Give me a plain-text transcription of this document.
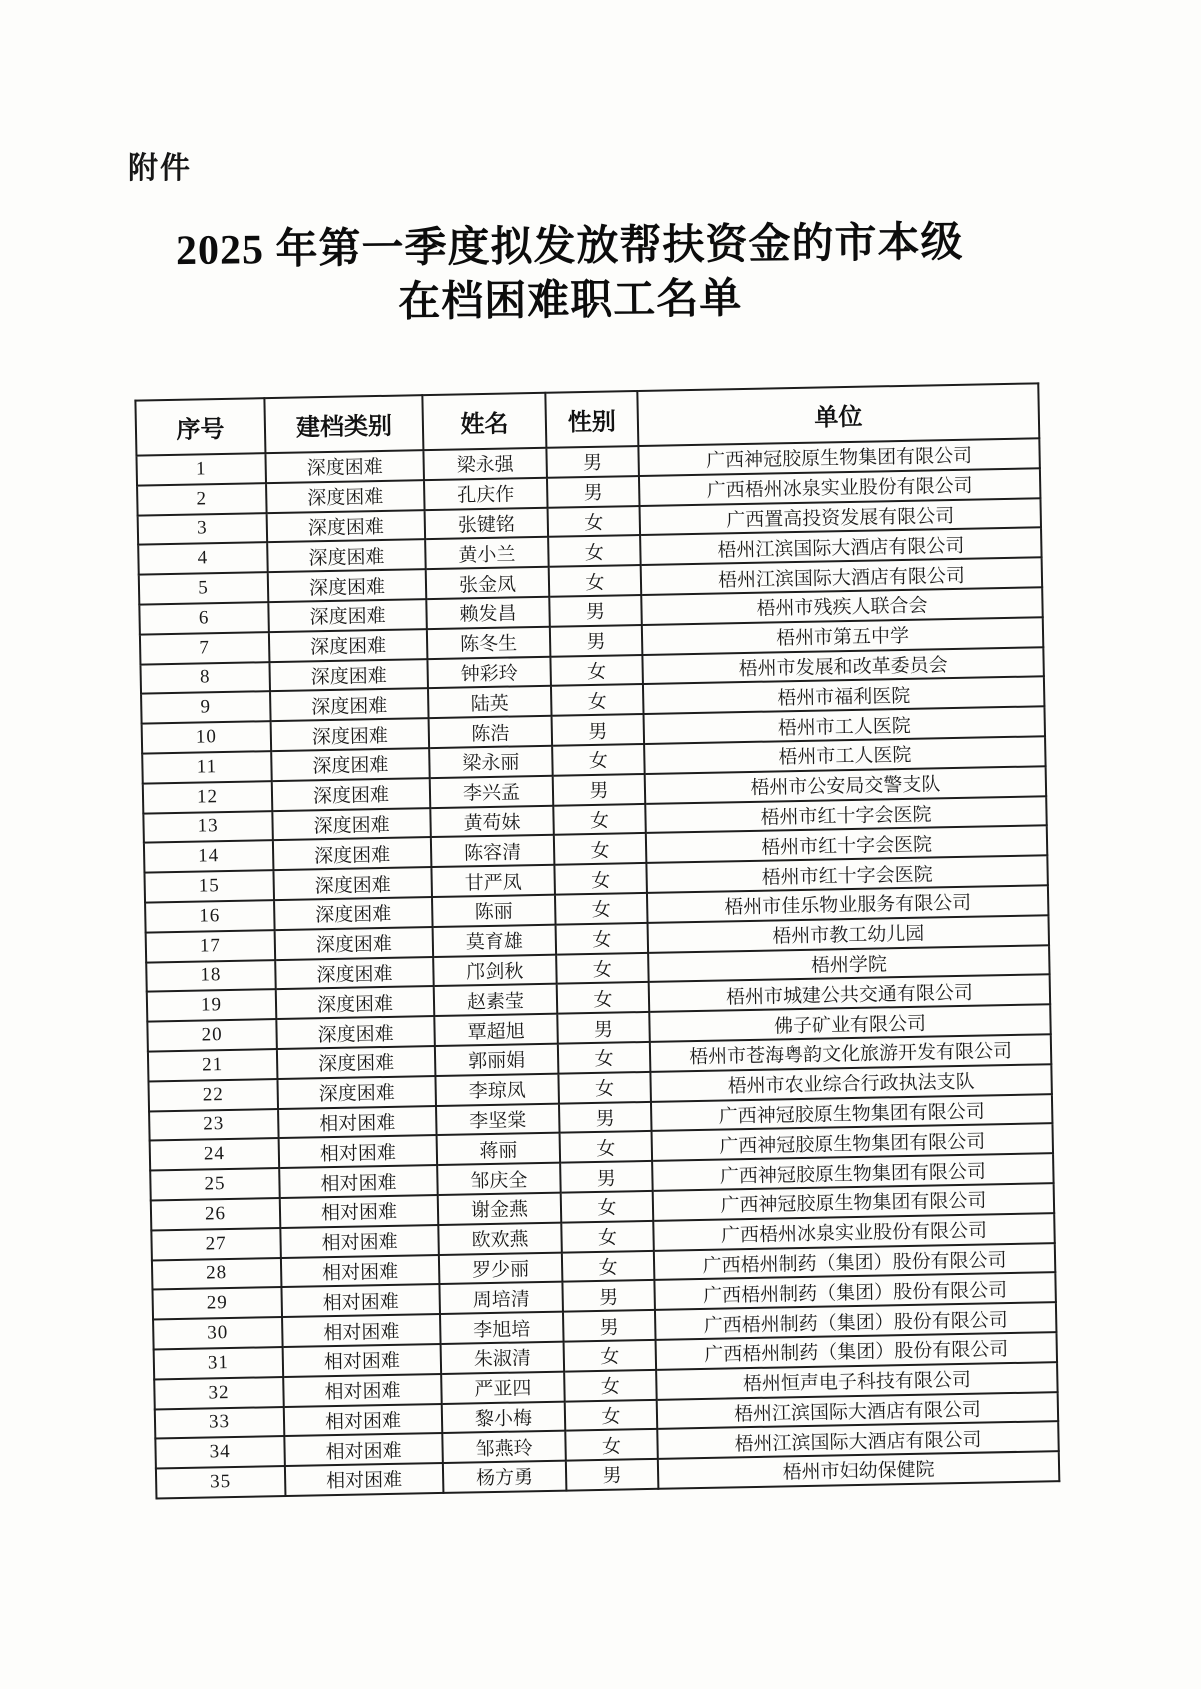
附件
2025 年第一季度拟发放帮扶资金的市本级
在档困难职工名单
序号	建档类别	姓名	性别	单位
1	深度困难	梁永强	男	广西神冠胶原生物集团有限公司
2	深度困难	孔庆作	男	广西梧州冰泉实业股份有限公司
3	深度困难	张键铭	女	广西置高投资发展有限公司
4	深度困难	黄小兰	女	梧州江滨国际大酒店有限公司
5	深度困难	张金凤	女	梧州江滨国际大酒店有限公司
6	深度困难	赖发昌	男	梧州市残疾人联合会
7	深度困难	陈冬生	男	梧州市第五中学
8	深度困难	钟彩玲	女	梧州市发展和改革委员会
9	深度困难	陆英	女	梧州市福利医院
10	深度困难	陈浩	男	梧州市工人医院
11	深度困难	梁永丽	女	梧州市工人医院
12	深度困难	李兴孟	男	梧州市公安局交警支队
13	深度困难	黄苟妹	女	梧州市红十字会医院
14	深度困难	陈容清	女	梧州市红十字会医院
15	深度困难	甘严凤	女	梧州市红十字会医院
16	深度困难	陈丽	女	梧州市佳乐物业服务有限公司
17	深度困难	莫育雄	女	梧州市教工幼儿园
18	深度困难	邝剑秋	女	梧州学院
19	深度困难	赵素莹	女	梧州市城建公共交通有限公司
20	深度困难	覃超旭	男	佛子矿业有限公司
21	深度困难	郭丽娟	女	梧州市苍海粤韵文化旅游开发有限公司
22	深度困难	李琼凤	女	梧州市农业综合行政执法支队
23	相对困难	李坚棠	男	广西神冠胶原生物集团有限公司
24	相对困难	蒋丽	女	广西神冠胶原生物集团有限公司
25	相对困难	邹庆全	男	广西神冠胶原生物集团有限公司
26	相对困难	谢金燕	女	广西神冠胶原生物集团有限公司
27	相对困难	欧欢燕	女	广西梧州冰泉实业股份有限公司
28	相对困难	罗少丽	女	广西梧州制药（集团）股份有限公司
29	相对困难	周培清	男	广西梧州制药（集团）股份有限公司
30	相对困难	李旭培	男	广西梧州制药（集团）股份有限公司
31	相对困难	朱淑清	女	广西梧州制药（集团）股份有限公司
32	相对困难	严亚四	女	梧州恒声电子科技有限公司
33	相对困难	黎小梅	女	梧州江滨国际大酒店有限公司
34	相对困难	邹燕玲	女	梧州江滨国际大酒店有限公司
35	相对困难	杨方勇	男	梧州市妇幼保健院
